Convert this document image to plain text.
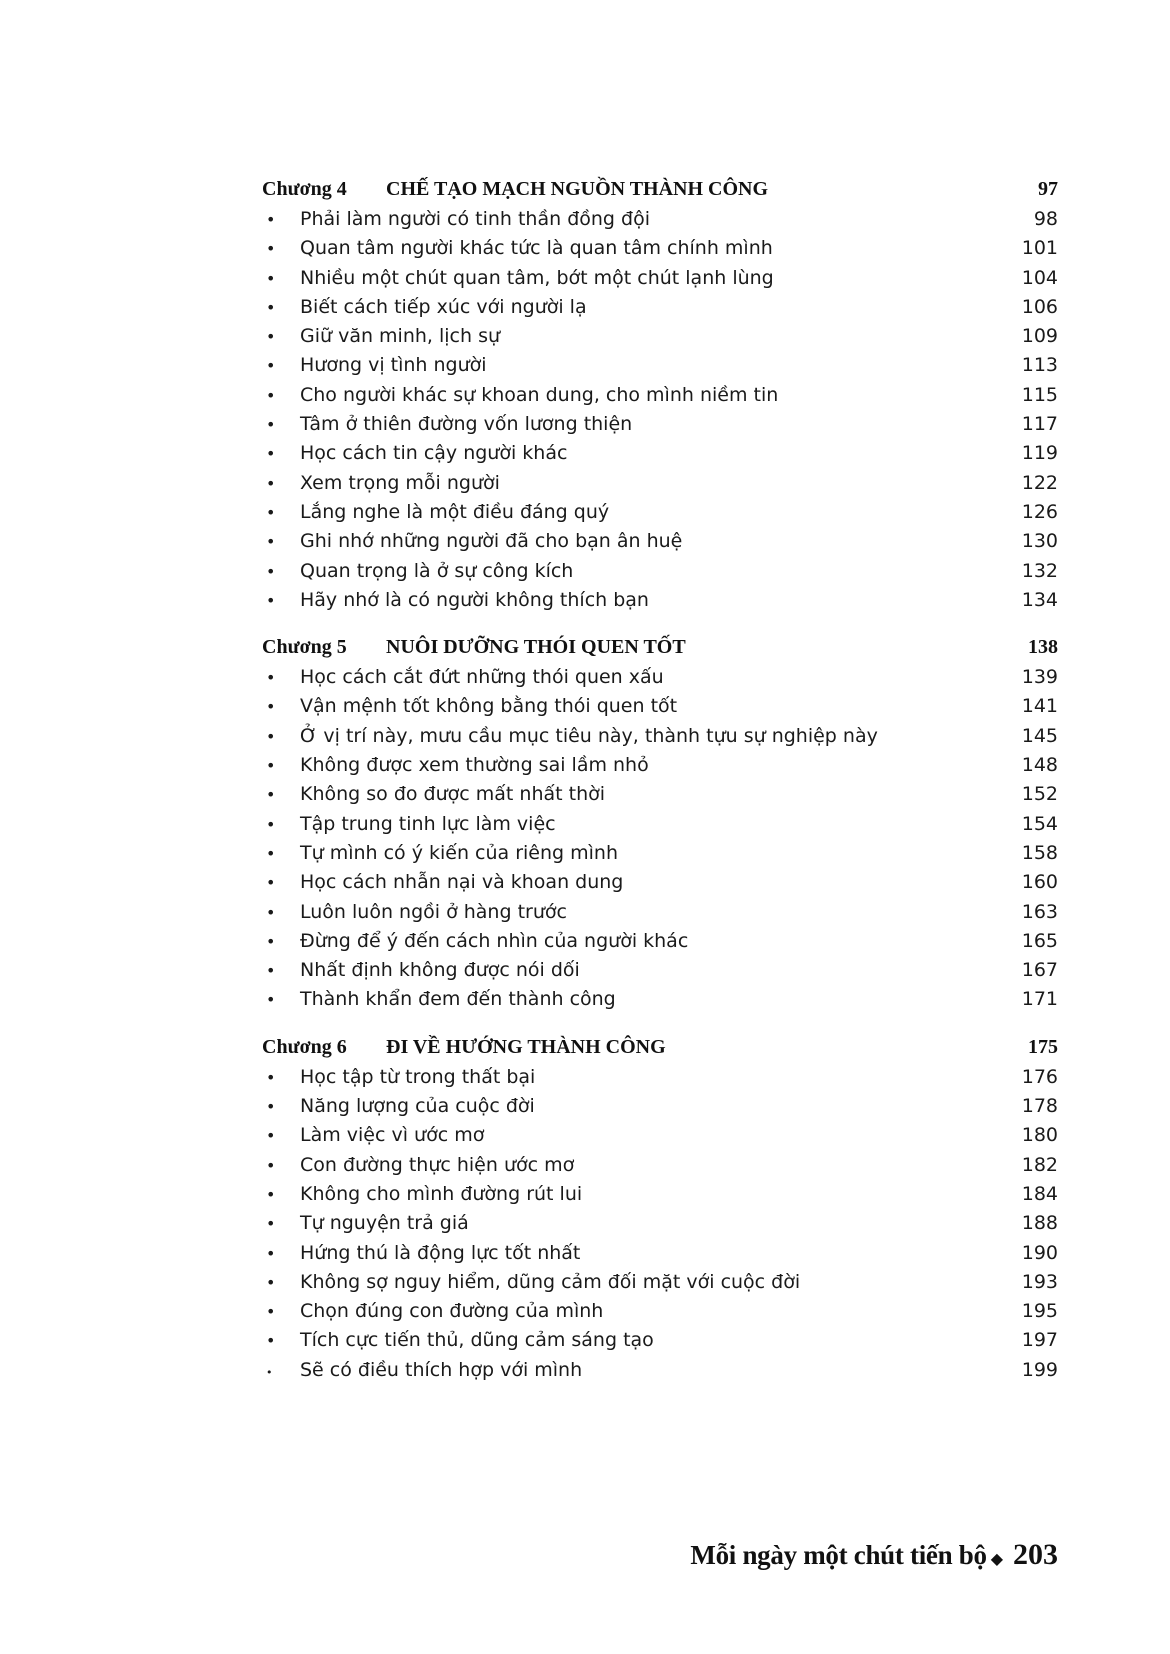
Chương 4	CHẾ TẠO MẠCH NGUỒN THÀNH CÔNG	97
•	Phải làm người có tinh thần đồng đội	98
•	Quan tâm người khác tức là quan tâm chính mình	101
•	Nhiều một chút quan tâm, bớt một chút lạnh lùng	104
•	Biết cách tiếp xúc với người lạ	106
•	Giữ văn minh, lịch sự	109
•	Hương vị tình người	113
•	Cho người khác sự khoan dung, cho mình niềm tin	115
•	Tâm ở thiên đường vốn lương thiện	117
•	Học cách tin cậy người khác	119
•	Xem trọng mỗi người	122
•	Lắng nghe là một điều đáng quý	126
•	Ghi nhớ những người đã cho bạn ân huệ	130
•	Quan trọng là ở sự công kích	132
•	Hãy nhớ là có người không thích bạn	134
Chương 5	NUÔI DƯỠNG THÓI QUEN TỐT	138
•	Học cách cắt đứt những thói quen xấu	139
•	Vận mệnh tốt không bằng thói quen tốt	141
•	Ở vị trí này, mưu cầu mục tiêu này, thành tựu sự nghiệp này	145
•	Không được xem thường sai lầm nhỏ	148
•	Không so đo được mất nhất thời	152
•	Tập trung tinh lực làm việc	154
•	Tự mình có ý kiến của riêng mình	158
•	Học cách nhẫn nại và khoan dung	160
•	Luôn luôn ngồi ở hàng trước	163
•	Đừng để ý đến cách nhìn của người khác	165
•	Nhất định không được nói dối	167
•	Thành khẩn đem đến thành công	171
Chương 6	ĐI VỀ HƯỚNG THÀNH CÔNG	175
•	Học tập từ trong thất bại	176
•	Năng lượng của cuộc đời	178
•	Làm việc vì ước mơ	180
•	Con đường thực hiện ước mơ	182
•	Không cho mình đường rút lui	184
•	Tự nguyện trả giá	188
•	Hứng thú là động lực tốt nhất	190
•	Không sợ nguy hiểm, dũng cảm đối mặt với cuộc đời	193
•	Chọn đúng con đường của mình	195
•	Tích cực tiến thủ, dũng cảm sáng tạo	197
•	Sẽ có điều thích hợp với mình	199
Mỗi ngày một chút tiến bộ ◆ 203
